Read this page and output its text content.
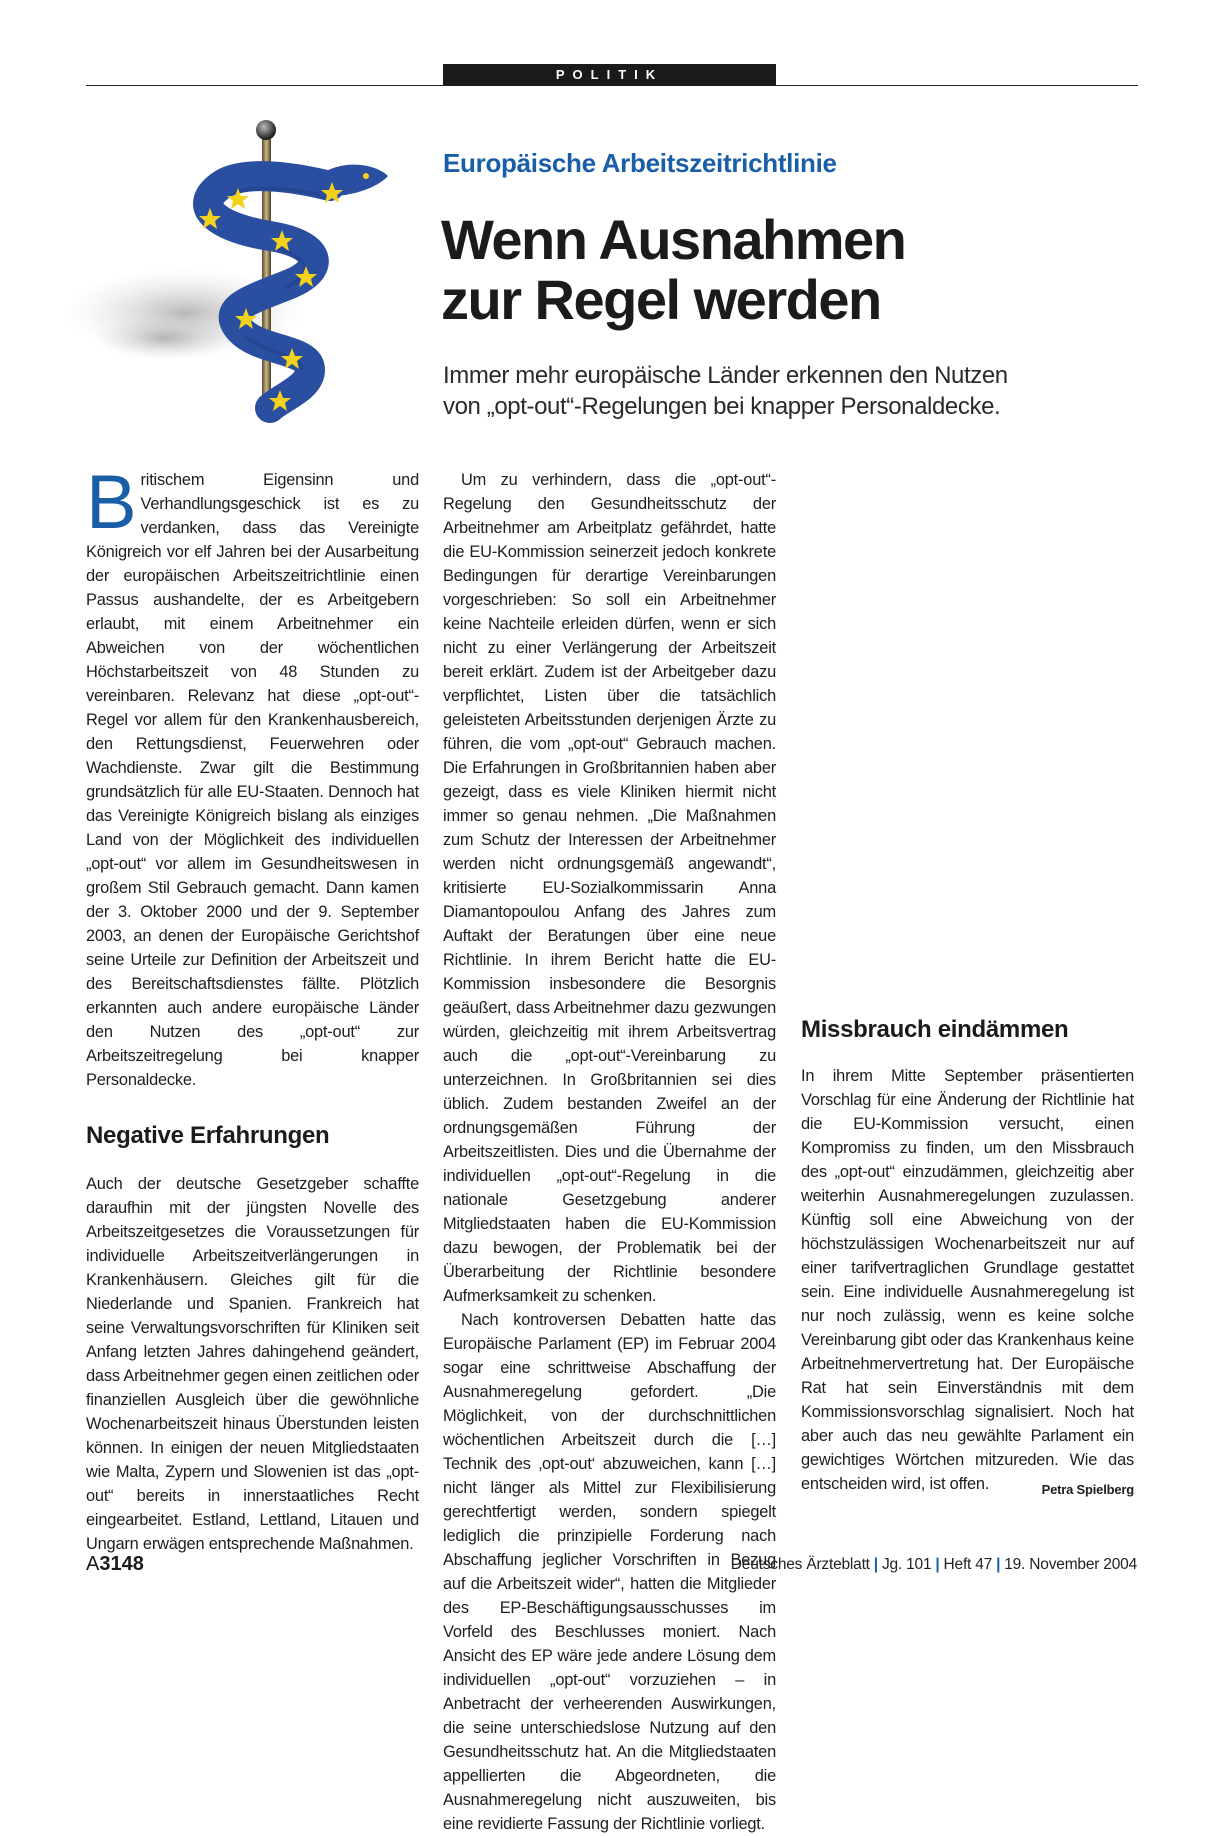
POLITIK
Europäische Arbeitszeitrichtlinie
Wenn Ausnahmen
zur Regel werden
Immer mehr europäische Länder erkennen den Nutzen
von „opt-out“-Regelungen bei knapper Personaldecke.

Britischem Eigensinn und Verhandlungsgeschick ist es zu verdanken, dass das Vereinigte Königreich vor elf Jahren bei der Ausarbeitung der europäischen Arbeitszeitrichtlinie einen Passus aushandelte, der es Arbeitgebern erlaubt, mit einem Arbeitnehmer ein Abweichen von der wöchentlichen Höchstarbeitszeit von 48 Stunden zu vereinbaren. Relevanz hat diese „opt-out“-Regel vor allem für den Krankenhausbereich, den Rettungsdienst, Feuerwehren oder Wachdienste. Zwar gilt die Bestimmung grundsätzlich für alle EU-Staaten. Dennoch hat das Vereinigte Königreich bislang als einziges Land von der Möglichkeit des individuellen „opt-out“ vor allem im Gesundheitswesen in großem Stil Gebrauch gemacht. Dann kamen der 3. Oktober 2000 und der 9. September 2003, an denen der Europäische Gerichtshof seine Urteile zur Definition der Arbeitszeit und des Bereitschaftsdienstes fällte. Plötzlich erkannten auch andere europäische Länder den Nutzen des „opt-out“ zur Arbeitszeitregelung bei knapper Personaldecke.

Negative Erfahrungen

Auch der deutsche Gesetzgeber schaffte daraufhin mit der jüngsten Novelle des Arbeitszeitgesetzes die Voraussetzungen für individuelle Arbeitszeitverlängerungen in Krankenhäusern. Gleiches gilt für die Niederlande und Spanien. Frankreich hat seine Verwaltungsvorschriften für Kliniken seit Anfang letzten Jahres dahingehend geändert, dass Arbeitnehmer gegen einen zeitlichen oder finanziellen Ausgleich über die gewöhnliche Wochenarbeitszeit hinaus Überstunden leisten können. In einigen der neuen Mitgliedstaaten wie Malta, Zypern und Slowenien ist das „opt-out“ bereits in innerstaatliches Recht eingearbeitet. Estland, Lettland, Litauen und Ungarn erwägen entsprechende Maßnahmen.

Um zu verhindern, dass die „opt-out“-Regelung den Gesundheitsschutz der Arbeitnehmer am Arbeitplatz gefährdet, hatte die EU-Kommission seinerzeit jedoch konkrete Bedingungen für derartige Vereinbarungen vorgeschrieben: So soll ein Arbeitnehmer keine Nachteile erleiden dürfen, wenn er sich nicht zu einer Verlängerung der Arbeitszeit bereit erklärt. Zudem ist der Arbeitgeber dazu verpflichtet, Listen über die tatsächlich geleisteten Arbeitsstunden derjenigen Ärzte zu führen, die vom „opt-out“ Gebrauch machen. Die Erfahrungen in Großbritannien haben aber gezeigt, dass es viele Kliniken hiermit nicht immer so genau nehmen. „Die Maßnahmen zum Schutz der Interessen der Arbeitnehmer werden nicht ordnungsgemäß angewandt“, kritisierte EU-Sozialkommissarin Anna Diamantopoulou Anfang des Jahres zum Auftakt der Beratungen über eine neue Richtlinie. In ihrem Bericht hatte die EU-Kommission insbesondere die Besorgnis geäußert, dass Arbeitnehmer dazu gezwungen würden, gleichzeitig mit ihrem Arbeitsvertrag auch die „opt-out“-Vereinbarung zu unterzeichnen. In Großbritannien sei dies üblich. Zudem bestanden Zweifel an der ordnungsgemäßen Führung der Arbeitszeitlisten. Dies und die Übernahme der individuellen „opt-out“-Regelung in die nationale Gesetzgebung anderer Mitgliedstaaten haben die EU-Kommission dazu bewogen, der Problematik bei der Überarbeitung der Richtlinie besondere Aufmerksamkeit zu schenken.

Nach kontroversen Debatten hatte das Europäische Parlament (EP) im Februar 2004 sogar eine schrittweise Abschaffung der Ausnahmeregelung gefordert. „Die Möglichkeit, von der durchschnittlichen wöchentlichen Arbeitszeit durch die […] Technik des ‚opt-out‘ abzuweichen, kann […] nicht länger als Mittel zur Flexibilisierung gerechtfertigt werden, sondern spiegelt lediglich die prinzipielle Forderung nach Abschaffung jeglicher Vorschriften in Bezug auf die Arbeitszeit wider“, hatten die Mitglieder des EP-Beschäftigungsausschusses im Vorfeld des Beschlusses moniert. Nach Ansicht des EP wäre jede andere Lösung dem individuellen „opt-out“ vorzuziehen – in Anbetracht der verheerenden Auswirkungen, die seine unterschiedslose Nutzung auf den Gesundheitsschutz hat. An die Mitgliedstaaten appellierten die Abgeordneten, die Ausnahmeregelung nicht auszuweiten, bis eine revidierte Fassung der Richtlinie vorliegt.

Missbrauch eindämmen

In ihrem Mitte September präsentierten Vorschlag für eine Änderung der Richtlinie hat die EU-Kommission versucht, einen Kompromiss zu finden, um den Missbrauch des „opt-out“ einzudämmen, gleichzeitig aber weiterhin Ausnahmeregelungen zuzulassen. Künftig soll eine Abweichung von der höchstzulässigen Wochenarbeitszeit nur auf einer tarifvertraglichen Grundlage gestattet sein. Eine individuelle Ausnahmeregelung ist nur noch zulässig, wenn es keine solche Vereinbarung gibt oder das Krankenhaus keine Arbeitnehmervertretung hat. Der Europäische Rat hat sein Einverständnis mit dem Kommissionsvorschlag signalisiert. Noch hat aber auch das neu gewählte Parlament ein gewichtiges Wörtchen mitzureden. Wie das entscheiden wird, ist offen.	Petra Spielberg

A3148	Deutsches Ärzteblatt | Jg. 101 | Heft 47 | 19. November 2004
